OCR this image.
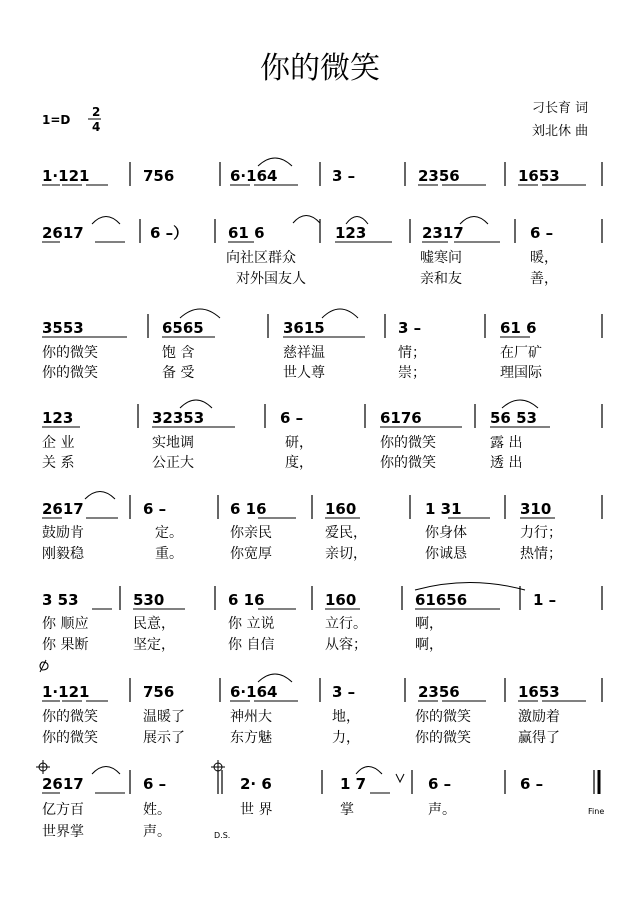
你的微笑
刁长育 词
刘北休 曲
1=D
2
4
1·121	756	6·164	3 –	2356	1653
2617	6 –）	61 6	123	2317	6 –
向社区群众	嘘寒问	暖，
对外国友人	亲和友	善，
3553	6565	3615	3 –	61 6
你的微笑	饱 含	慈祥温	情；	在厂矿
你的微笑	备 受	世人尊	崇；	理国际
123	32353	6 –	6176	56 53
企 业	实地调	研，	你的微笑	露 出
关 系	公正大	度，	你的微笑	透 出
2617	6 –	6 16	160	1 31	310
鼓励肯	定。	你亲民	爱民，	你身体	力行；
刚毅稳	重。	你宽厚	亲切，	你诚恳	热情；
3 53	530	6 16	160	61656	1 –
你 顺应	民意，	你 立说	立行。	啊，
你 果断	坚定，	你 自信	从容；	啊，
1·121	756	6·164	3 –	2356	1653
你的微笑	温暖了	神州大	地，	你的微笑	激励着
你的微笑	展示了	东方魅	力，	你的微笑	赢得了
2617	6 –	2· 6	1 7	6 –	6 –
亿方百	姓。	世 界	掌	声。
世界掌	声。	D.S.
Fine
